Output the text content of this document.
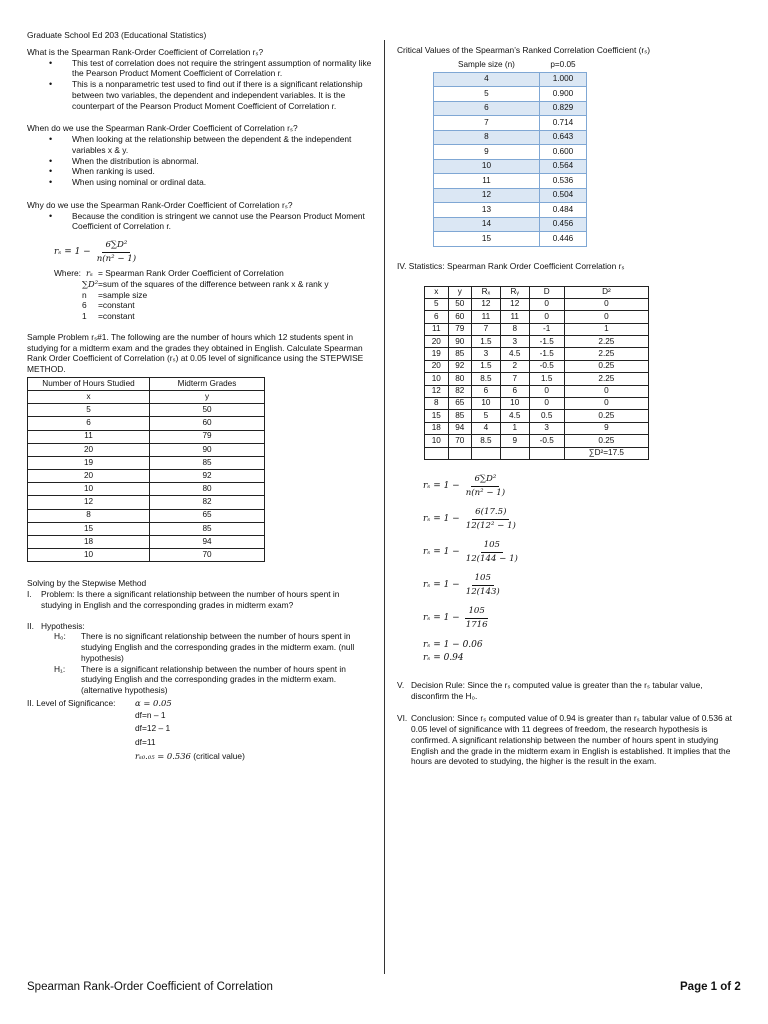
Graduate School Ed 203 (Educational Statistics)

What is the Spearman Rank-Order Coefficient of Correlation rₛ?

• This test of correlation does not require the stringent assumption of normality like the Pearson Product Moment Coefficient of Correlation r.
• This is a nonparametric test used to find out if there is a significant relationship between two variables, the dependent and independent variables. It is the counterpart of the Pearson Product Moment Coefficient of Correlation r.

When do we use the Spearman Rank-Order Coefficient of Correlation rₛ?

• When looking at the relationship between the dependent & the independent variables x & y.
• When the distribution is abnormal.
• When ranking is used.
• When using nominal or ordinal data.

Why do we use the Spearman Rank-Order Coefficient of Correlation rₛ?

• Because the condition is stringent we cannot use the Pearson Product Moment Coefficient of Correlation r.
$r_s = 1 - \frac{\text{6∑D²}}{\text{n(n² − 1)}}$
Where: rₛ = Spearman Rank Order Coefficient of Correlation
∑D² =sum of the squares of the difference between rank x & rank y
n	=sample size
6	=constant
1	=constant

Sample Problem rₛ#1. The following are the number of hours which 12 students spent in studying for a midterm exam and the grades they obtained in English. Calculate Spearman Rank Order Coefficient of Correlation (rₛ) at 0.05 level of significance using the STEPWISE METHOD.

Number of Hours Studied	Midterm Grades
x	y
5	50
6	60
11	79
20	90
19	85
20	92
10	80
12	82
8	65
15	85
18	94
10	70

Solving by the Stepwise Method

I.	Problem: Is there a significant relationship between the number of hours spent in studying in English and the corresponding grades in midterm exam?
II. Hypothesis:
H₀:	There is no significant relationship between the number of hours spent in studying English and the corresponding grades in the midterm exam. (null hypothesis)
H₁:	There is a significant relationship between the number of hours spent in studying English and the corresponding grades in the midterm exam. (alternative hypothesis)
II. Level of Significance:	α = 0.05

df=n – 1

df=12 – 1

df=11

rₛ₀.₀₅ = 0.536 (critical value)

Critical Values of the Spearman’s Ranked Correlation Coefficient (rₛ)

Sample size (n)	p=0.05
4	1.000
5	0.900
6	0.829
7	0.714
8	0.643
9	0.600
10	0.564
11	0.536
12	0.504
13	0.484
14	0.456
15	0.446

IV. Statistics: Spearman Rank Order Coefficient Correlation rₛ

x	y	Rₓ	Rᵧ	D	D²
5	50	12	12	0	0
6	60	11	11	0	0
11	79	7	8	-1	1
20	90	1.5	3	-1.5	2.25
19	85	3	4.5	-1.5	2.25
20	92	1.5	2	-0.5	0.25
10	80	8.5	7	1.5	2.25
12	82	6	6	0	0
8	65	10	10	0	0
15	85	5	4.5	0.5	0.25
18	94	4	1	3	9
10	70	8.5	9	-0.5	0.25
					∑D²=17.5
$r_s = 1 - \frac{\text{6∑D²}}{\text{n(n² − 1)}}$
$r_s = 1 - \frac{6(17.5)}{\text{12(12² − 1)}}$
$r_s = 1 - \frac{105}{12(144 - 1)}$
$r_s = 1 - \frac{105}{12(143)}$
$r_s = 1 - \frac{105}{1716}$

rₛ = 1 − 0.06

rₛ = 0.94

V. Decision Rule: Since the rₛ computed value is greater than the rₛ tabular value, disconfirm the H₀.
VI. Conclusion: Since rₛ computed value of 0.94 is greater than rₛ tabular value of 0.536 at 0.05 level of significance with 11 degrees of freedom, the research hypothesis is confirmed. A significant relationship between the number of hours spent in studying English and the grade in the midterm exam in English is established. It implies that the hours are devoted to studying, the higher is the result in the exam.
Spearman Rank-Order Coefficient of Correlation	Page 1 of 2
